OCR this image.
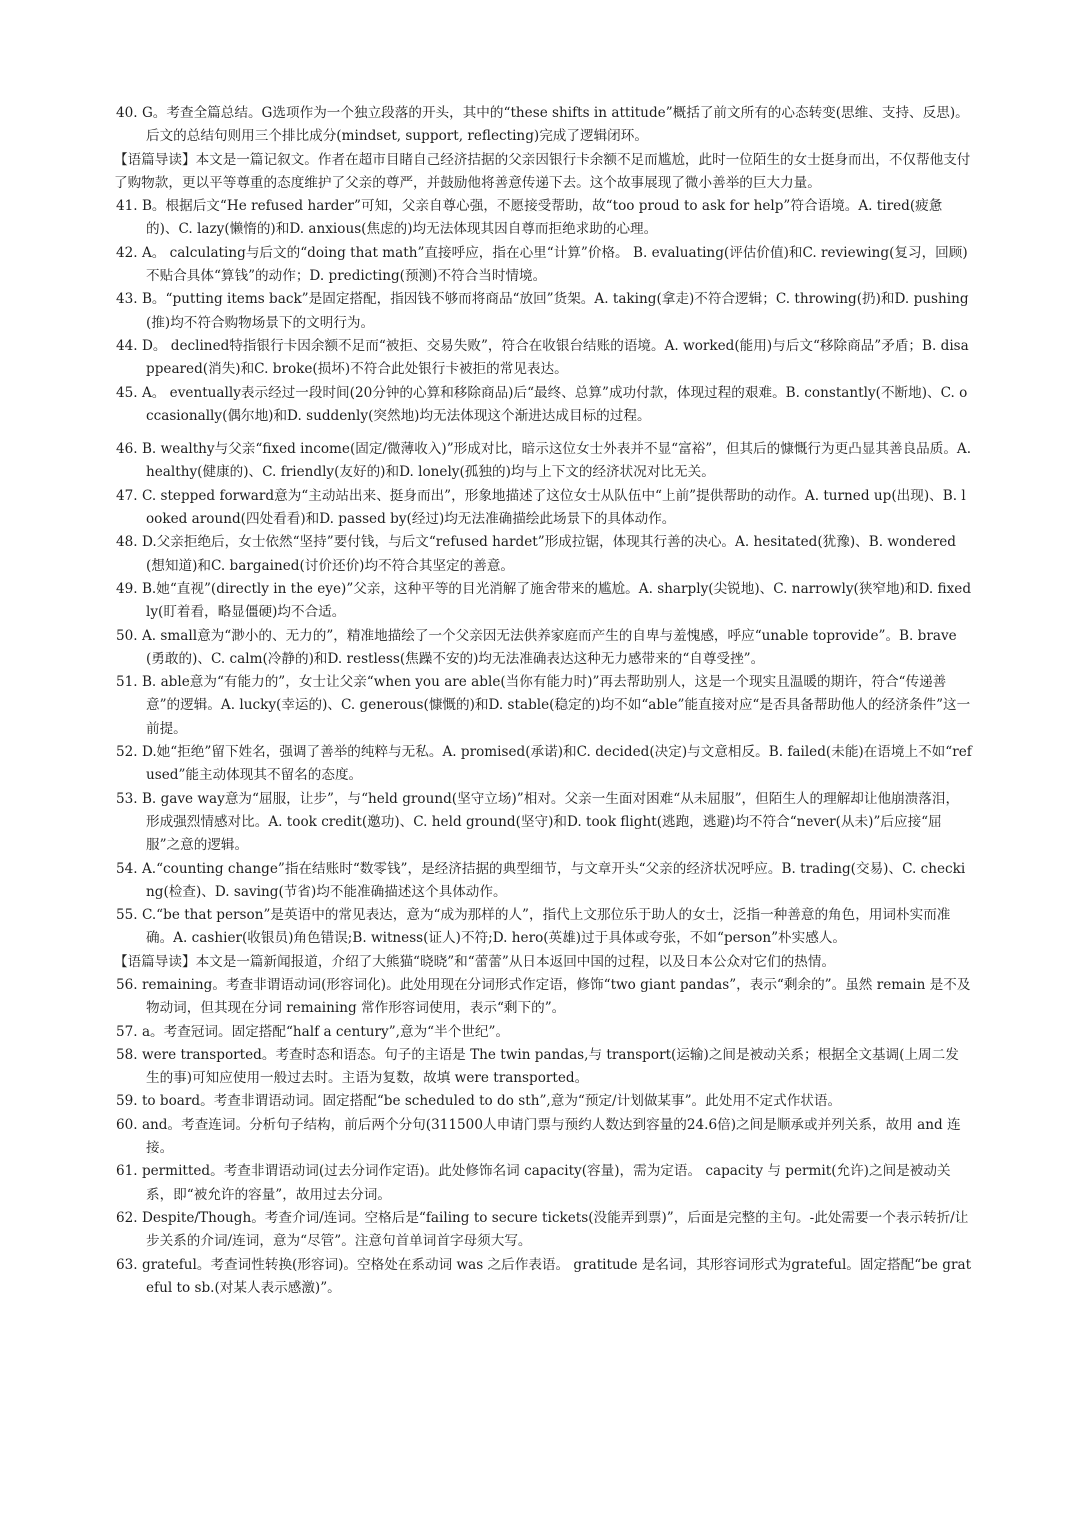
40. G。考查全篇总结。G选项作为一个独立段落的开头，其中的“these shifts in attitude”概括了前文所有的心态转变(思维、支持、反思)。后文的总结句则用三个排比成分(mindset, support, reflecting)完成了逻辑闭环。

【语篇导读】本文是一篇记叙文。作者在超市目睹自己经济拮据的父亲因银行卡余额不足而尴尬，此时一位陌生的女士挺身而出，不仅帮他支付了购物款，更以平等尊重的态度维护了父亲的尊严，并鼓励他将善意传递下去。这个故事展现了微小善举的巨大力量。

41. B。根据后文“He refused harder”可知，父亲自尊心强，不愿接受帮助，故“too proud to ask for help”符合语境。A. tired(疲惫的)、C. lazy(懒惰的)和D. anxious(焦虑的)均无法体现其因自尊而拒绝求助的心理。

42. A。 calculating与后文的“doing that math”直接呼应，指在心里“计算”价格。 B. evaluating(评估价值)和C. reviewing(复习，回顾)不贴合具体“算钱”的动作；D. predicting(预测)不符合当时情境。

43. B。“putting items back”是固定搭配，指因钱不够而将商品“放回”货架。A. taking(拿走)不符合逻辑；C. throwing(扔)和D. pushing(推)均不符合购物场景下的文明行为。

44. D。 declined特指银行卡因余额不足而“被拒、交易失败”，符合在收银台结账的语境。A. worked(能用)与后文“移除商品”矛盾；B. disappeared(消失)和C. broke(损坏)不符合此处银行卡被拒的常见表达。

45. A。 eventually表示经过一段时间(20分钟的心算和移除商品)后“最终、总算”成功付款，体现过程的艰难。B. constantly(不断地)、C. occasionally(偶尔地)和D. suddenly(突然地)均无法体现这个渐进达成目标的过程。

46. B. wealthy与父亲“fixed income(固定/微薄收入)”形成对比，暗示这位女士外表并不显“富裕”，但其后的慷慨行为更凸显其善良品质。A. healthy(健康的)、C. friendly(友好的)和D. lonely(孤独的)均与上下文的经济状况对比无关。

47. C. stepped forward意为“主动站出来、挺身而出”，形象地描述了这位女士从队伍中“上前”提供帮助的动作。A. turned up(出现)、B. looked around(四处看看)和D. passed by(经过)均无法准确描绘此场景下的具体动作。

48. D.父亲拒绝后，女士依然“坚持”要付钱，与后文“refused hardet”形成拉锯，体现其行善的决心。A. hesitated(犹豫)、B. wondered(想知道)和C. bargained(讨价还价)均不符合其坚定的善意。

49. B.她“直视”(directly in the eye)”父亲，这种平等的目光消解了施舍带来的尴尬。A. sharply(尖锐地)、C. narrowly(狭窄地)和D. fixedly(盯着看，略显僵硬)均不合适。

50. A. small意为“渺小的、无力的”，精准地描绘了一个父亲因无法供养家庭而产生的自卑与羞愧感，呼应“unable toprovide”。B. brave(勇敢的)、C. calm(冷静的)和D. restless(焦躁不安的)均无法准确表达这种无力感带来的“自尊受挫”。

51. B. able意为“有能力的”，女士让父亲“when you are able(当你有能力时)”再去帮助别人，这是一个现实且温暖的期许，符合“传递善意”的逻辑。A. lucky(幸运的)、C. generous(慷慨的)和D. stable(稳定的)均不如“able”能直接对应“是否具备帮助他人的经济条件”这一前提。

52. D.她“拒绝”留下姓名，强调了善举的纯粹与无私。A. promised(承诺)和C. decided(决定)与文意相反。B. failed(未能)在语境上不如“refused”能主动体现其不留名的态度。

53. B. gave way意为“屈服，让步”，与“held ground(坚守立场)”相对。父亲一生面对困难“从未屈服”，但陌生人的理解却让他崩溃落泪，形成强烈情感对比。A. took credit(邀功)、C. held ground(坚守)和D. took flight(逃跑，逃避)均不符合“never(从未)”后应接“屈服”之意的逻辑。

54. A.“counting change”指在结账时“数零钱”，是经济拮据的典型细节，与文章开头“父亲的经济状况呼应。B. trading(交易)、C. checking(检查)、D. saving(节省)均不能准确描述这个具体动作。

55. C.“be that person”是英语中的常见表达，意为“成为那样的人”，指代上文那位乐于助人的女士，泛指一种善意的角色，用词朴实而准确。A. cashier(收银员)角色错误;B. witness(证人)不符;D. hero(英雄)过于具体或夸张，不如“person”朴实感人。

【语篇导读】本文是一篇新闻报道，介绍了大熊猫“晓晓”和“蕾蕾”从日本返回中国的过程，以及日本公众对它们的热情。

56. remaining。考查非谓语动词(形容词化)。此处用现在分词形式作定语，修饰“two giant pandas”，表示“剩余的”。虽然 remain 是不及物动词，但其现在分词 remaining 常作形容词使用，表示“剩下的”。

57. a。考查冠词。固定搭配“half a century”,意为“半个世纪”。

58. were transported。考查时态和语态。句子的主语是 The twin pandas,与 transport(运输)之间是被动关系；根据全文基调(上周二发生的事)可知应使用一般过去时。主语为复数，故填 were transported。

59. to board。考查非谓语动词。固定搭配“be scheduled to do sth”,意为“预定/计划做某事”。此处用不定式作状语。

60. and。考查连词。分析句子结构，前后两个分句(311500人申请门票与预约人数达到容量的24.6倍)之间是顺承或并列关系，故用 and 连接。

61. permitted。考查非谓语动词(过去分词作定语)。此处修饰名词 capacity(容量)，需为定语。 capacity 与 permit(允许)之间是被动关系，即“被允许的容量”，故用过去分词。

62. Despite/Though。考查介词/连词。空格后是“failing to secure tickets(没能弄到票)”，后面是完整的主句。-此处需要一个表示转折/让步关系的介词/连词，意为“尽管”。注意句首单词首字母须大写。

63. grateful。考查词性转换(形容词)。空格处在系动词 was 之后作表语。 gratitude 是名词，其形容词形式为grateful。固定搭配“be grateful to sb.(对某人表示感激)”。
